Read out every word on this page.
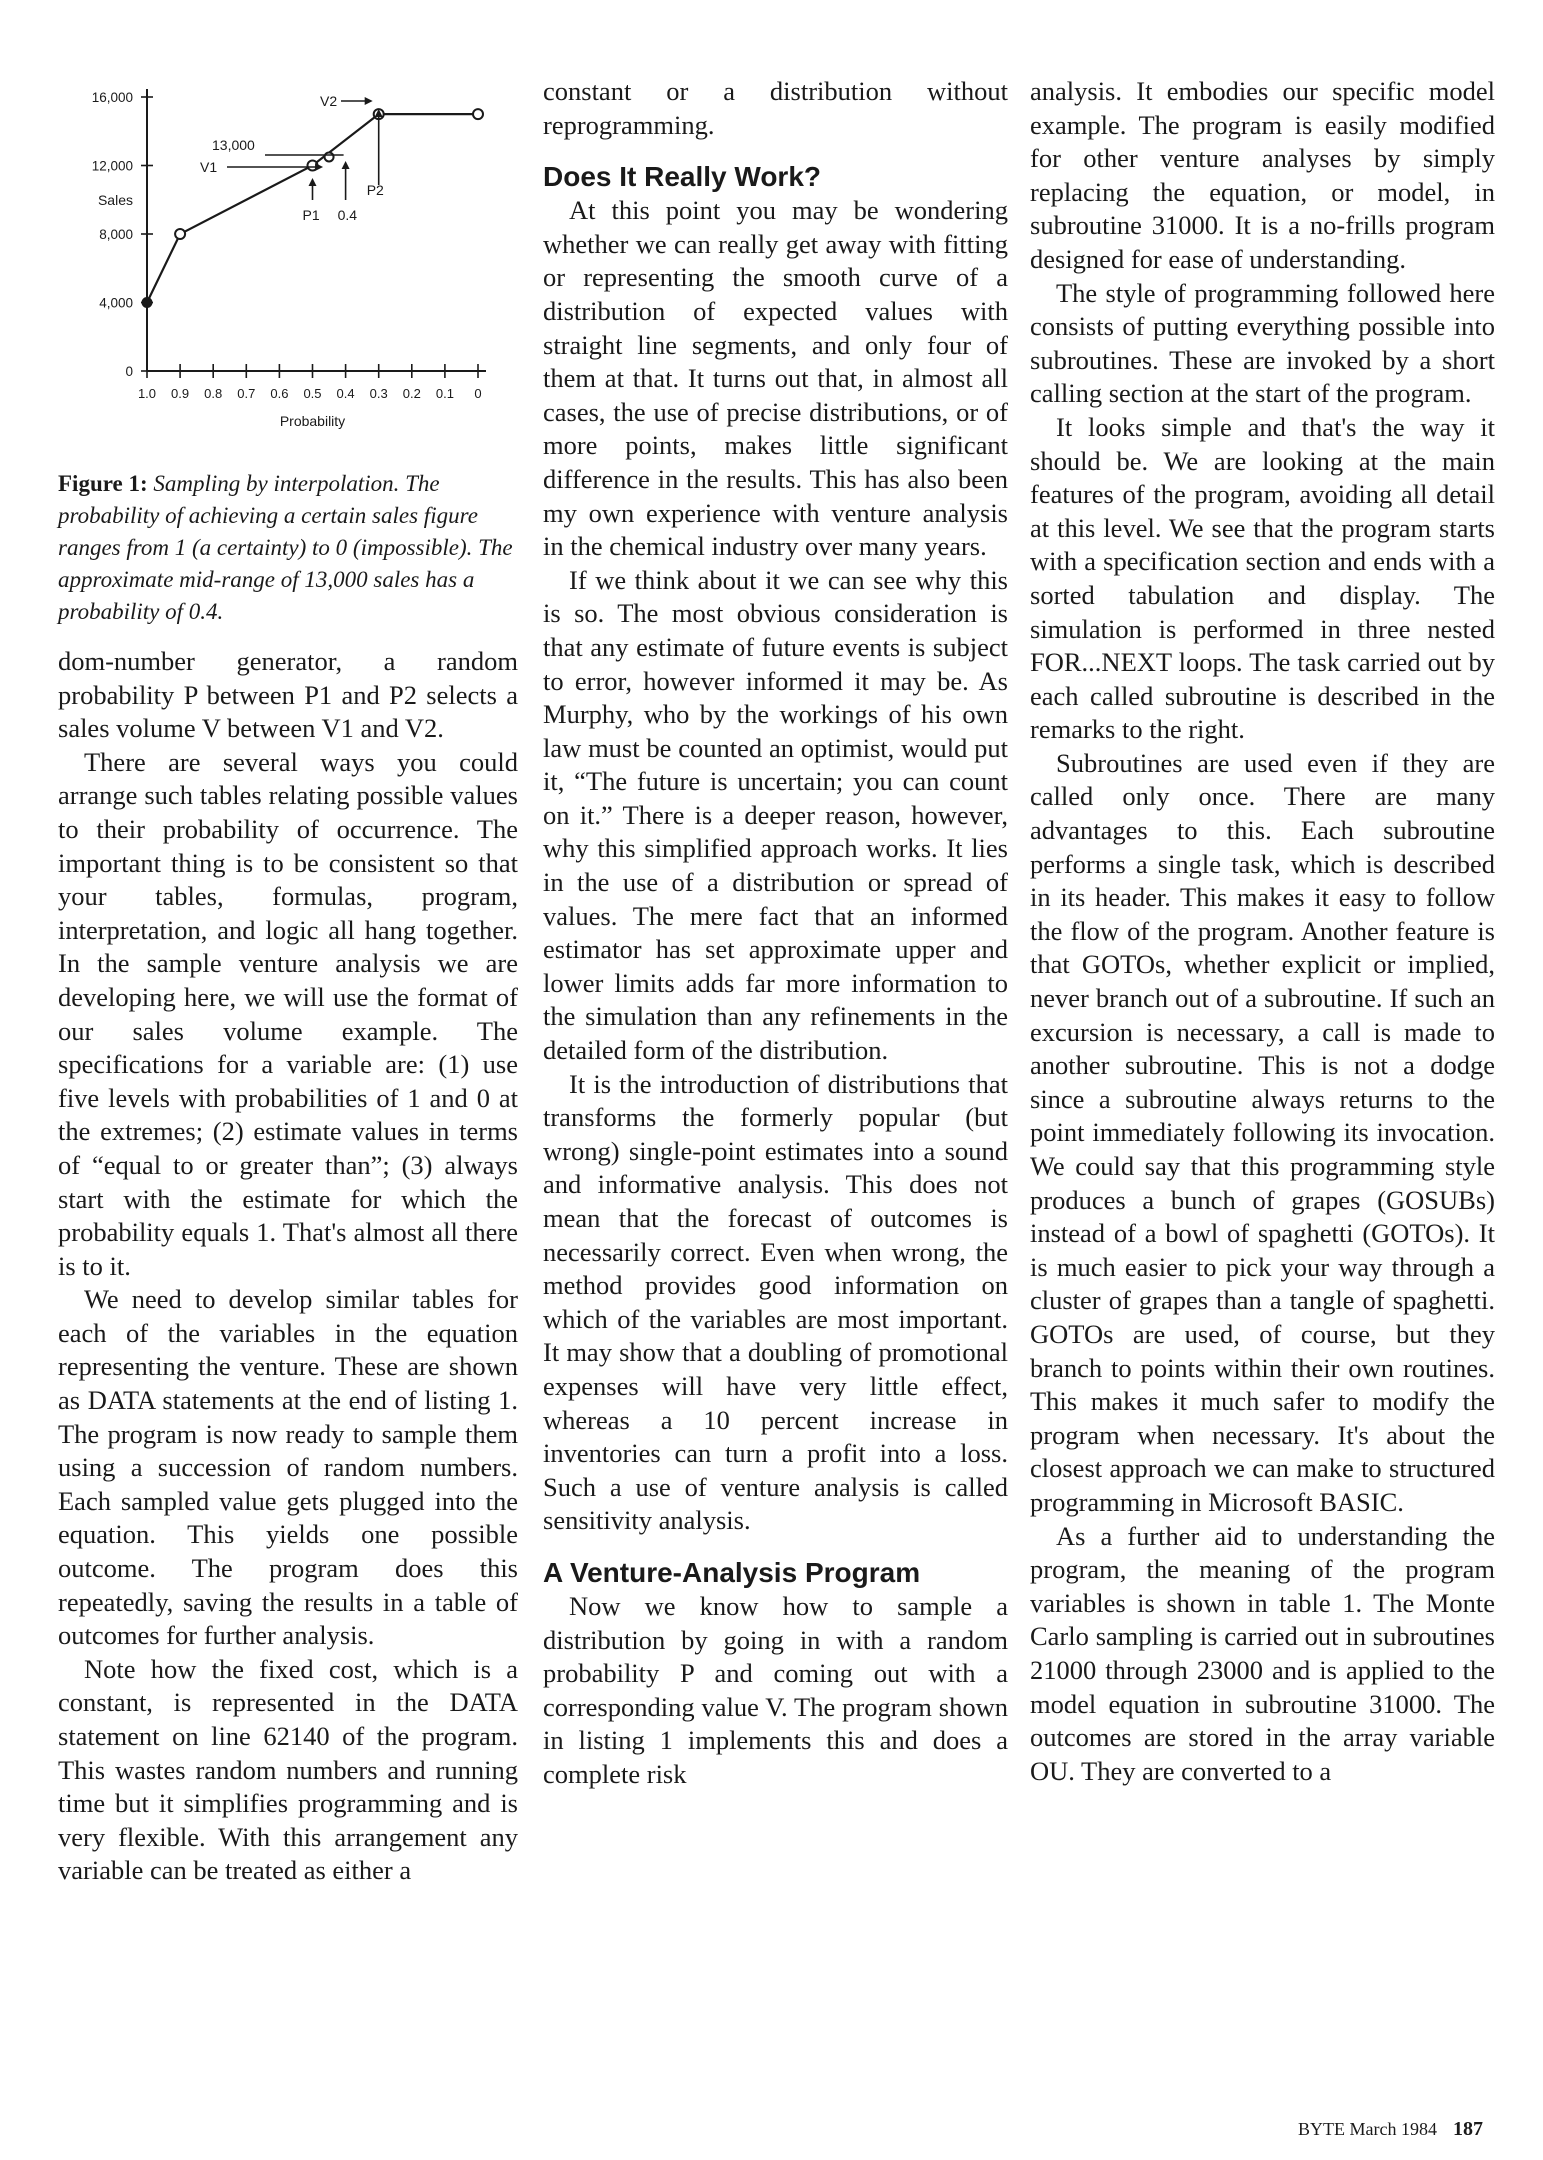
1.0 0.9 0.8 0.7 0.6 0.5 0.4 0.3 0.2 0.1 0
0
4,000
8,000
12,000
16,000
Probability
Sales
13,000
V1
V2
P1 0.4
P2

Figure 1: Sampling by interpolation. The probability of achieving a certain sales figure ranges from 1 (a certainty) to 0 (impossible). The approximate mid-range of 13,000 sales has a probability of 0.4.

dom-number generator, a random probability P between P1 and P2 selects a sales volume V between V1 and V2.

There are several ways you could arrange such tables relating possible values to their probability of occurrence. The important thing is to be consistent so that your tables, formulas, program, interpretation, and logic all hang together. In the sample venture analysis we are developing here, we will use the format of our sales volume example. The specifications for a variable are: (1) use five levels with probabilities of 1 and 0 at the extremes; (2) estimate values in terms of “equal to or greater than”; (3) always start with the estimate for which the probability equals 1. That's almost all there is to it.

We need to develop similar tables for each of the variables in the equation representing the venture. These are shown as DATA statements at the end of listing 1. The program is now ready to sample them using a succession of random numbers. Each sampled value gets plugged into the equation. This yields one possible outcome. The program does this repeatedly, saving the results in a table of outcomes for further analysis.

Note how the fixed cost, which is a constant, is represented in the DATA statement on line 62140 of the program. This wastes random numbers and running time but it simplifies programming and is very flexible. With this arrangement any variable can be treated as either a

constant or a distribution without reprogramming.

Does It Really Work?

At this point you may be wondering whether we can really get away with fitting or representing the smooth curve of a distribution of expected values with straight line segments, and only four of them at that. It turns out that, in almost all cases, the use of precise distributions, or of more points, makes little significant difference in the results. This has also been my own experience with venture analysis in the chemical industry over many years.

If we think about it we can see why this is so. The most obvious consideration is that any estimate of future events is subject to error, however informed it may be. As Murphy, who by the workings of his own law must be counted an optimist, would put it, “The future is uncertain; you can count on it.” There is a deeper reason, however, why this simplified approach works. It lies in the use of a distribution or spread of values. The mere fact that an informed estimator has set approximate upper and lower limits adds far more information to the simulation than any refinements in the detailed form of the distribution.

It is the introduction of distributions that transforms the formerly popular (but wrong) single-point estimates into a sound and informative analysis. This does not mean that the forecast of outcomes is necessarily correct. Even when wrong, the method provides good information on which of the variables are most important. It may show that a doubling of promotional expenses will have very little effect, whereas a 10 percent increase in inventories can turn a profit into a loss. Such a use of venture analysis is called sensitivity analysis.

A Venture-Analysis Program

Now we know how to sample a distribution by going in with a random probability P and coming out with a corresponding value V. The program shown in listing 1 implements this and does a complete risk

analysis. It embodies our specific model example. The program is easily modified for other venture analyses by simply replacing the equation, or model, in subroutine 31000. It is a no-frills program designed for ease of understanding.

The style of programming followed here consists of putting everything possible into subroutines. These are invoked by a short calling section at the start of the program.

It looks simple and that's the way it should be. We are looking at the main features of the program, avoiding all detail at this level. We see that the program starts with a specification section and ends with a sorted tabulation and display. The simulation is performed in three nested FOR...NEXT loops. The task carried out by each called subroutine is described in the remarks to the right.

Subroutines are used even if they are called only once. There are many advantages to this. Each subroutine performs a single task, which is described in its header. This makes it easy to follow the flow of the program. Another feature is that GOTOs, whether explicit or implied, never branch out of a subroutine. If such an excursion is necessary, a call is made to another subroutine. This is not a dodge since a subroutine always returns to the point immediately following its invocation. We could say that this programming style produces a bunch of grapes (GOSUBs) instead of a bowl of spaghetti (GOTOs). It is much easier to pick your way through a cluster of grapes than a tangle of spaghetti. GOTOs are used, of course, but they branch to points within their own routines. This makes it much safer to modify the program when necessary. It's about the closest approach we can make to structured programming in Microsoft BASIC.

As a further aid to understanding the program, the meaning of the program variables is shown in table 1. The Monte Carlo sampling is carried out in subroutines 21000 through 23000 and is applied to the model equation in subroutine 31000. The outcomes are stored in the array variable OU. They are converted to a

BYTE March 1984 187
